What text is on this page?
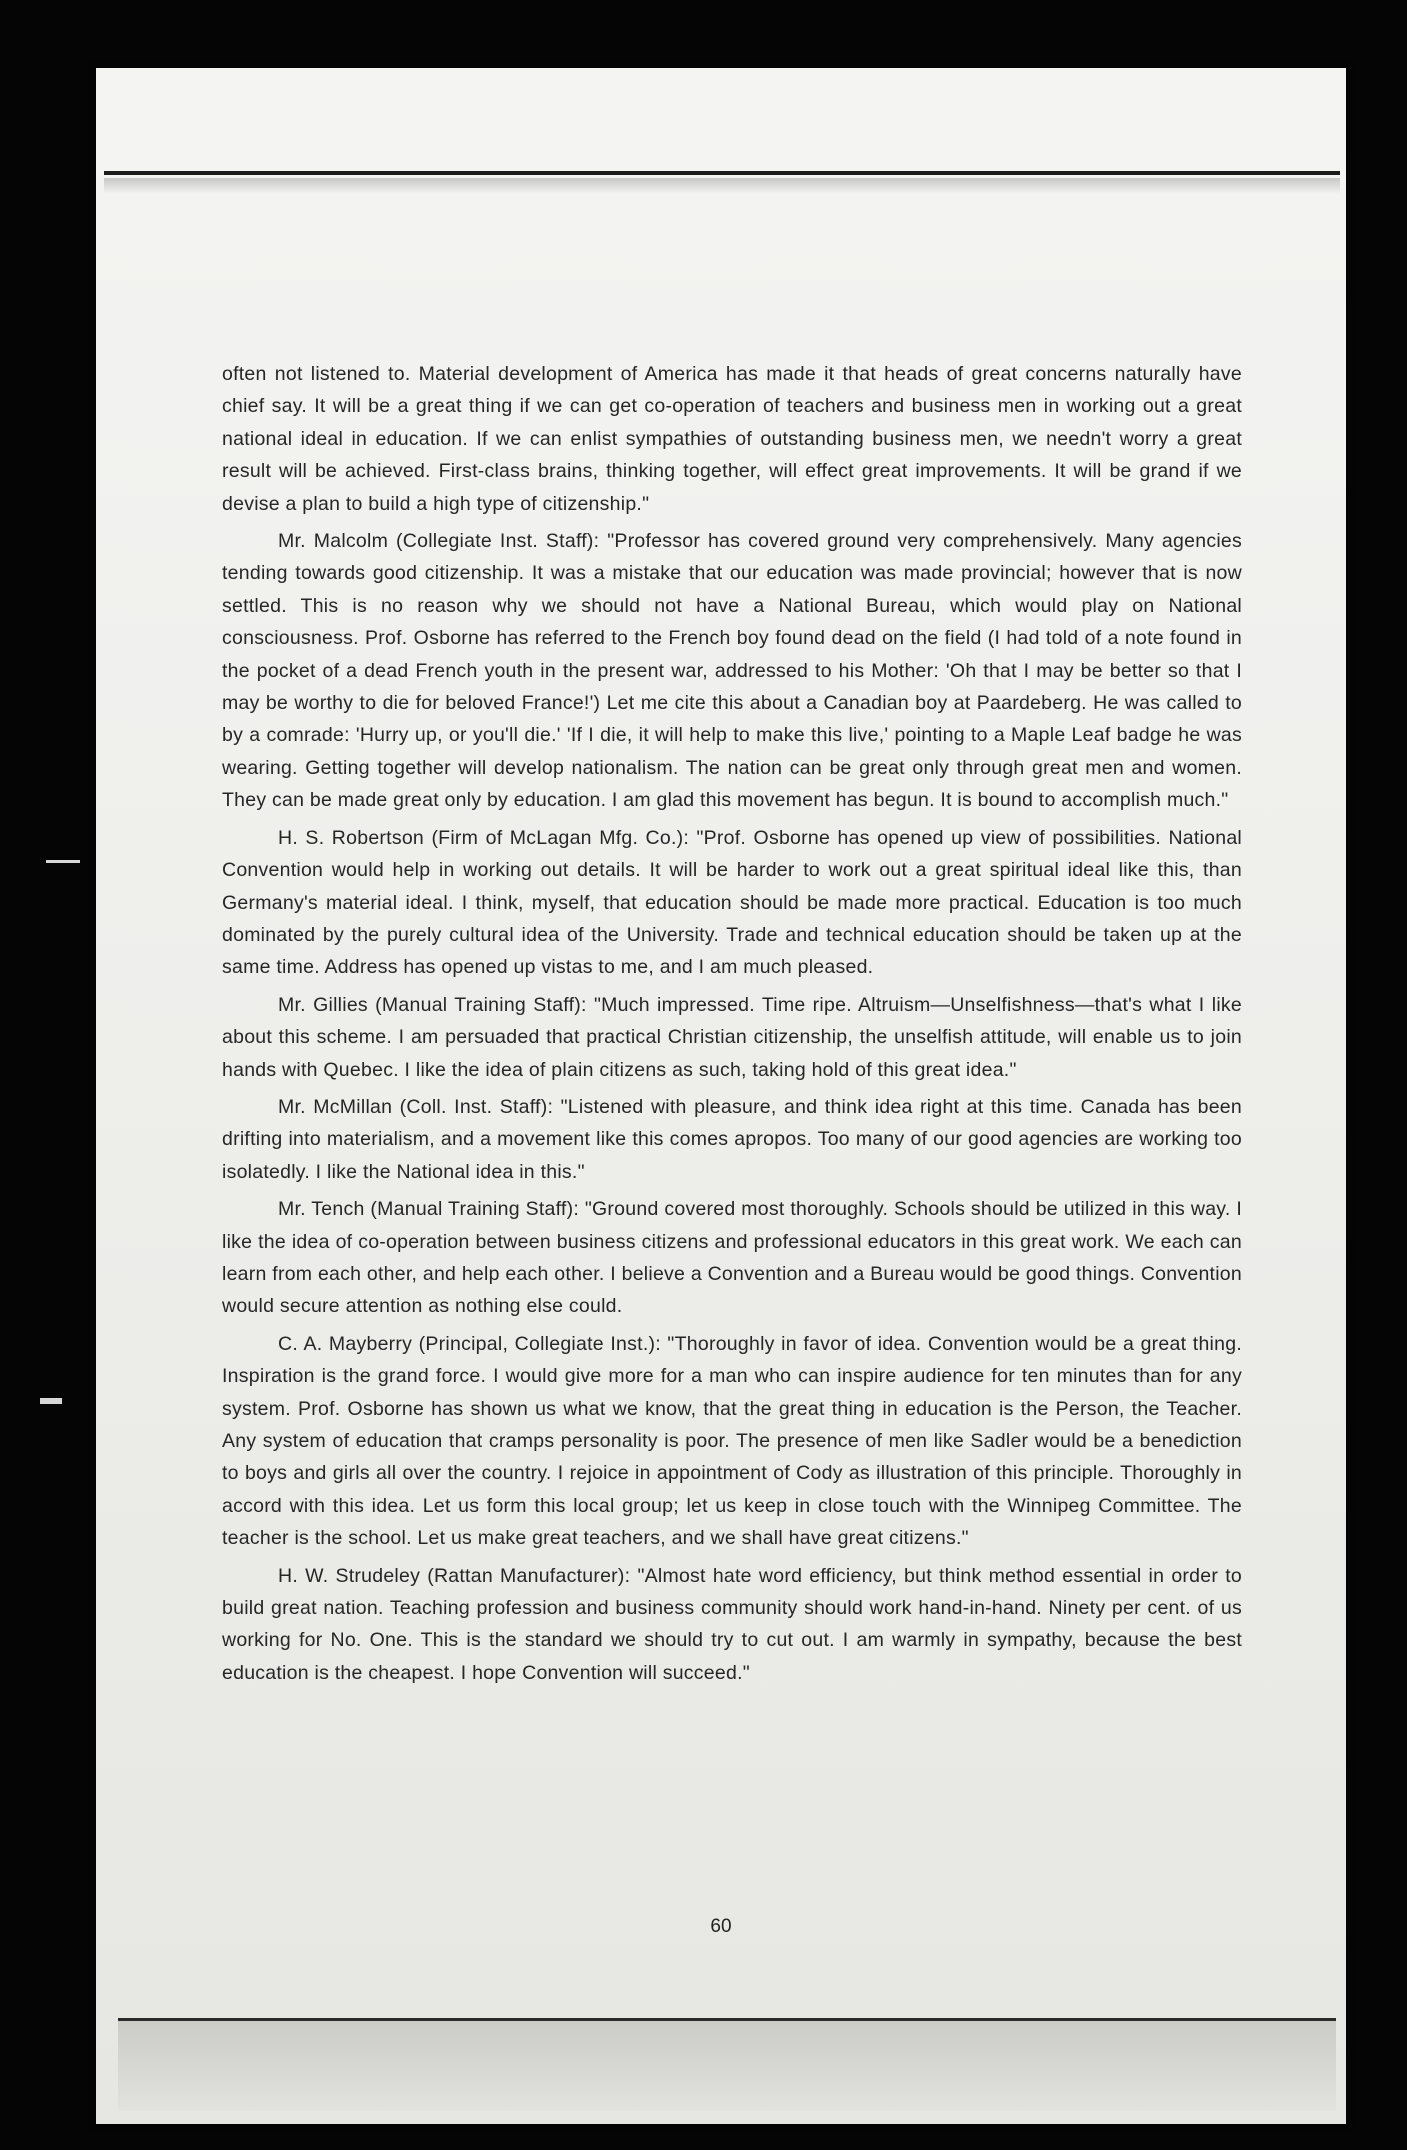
often not listened to. Material development of America has made it that heads of great concerns naturally have chief say. It will be a great thing if we can get co-operation of teachers and business men in working out a great national ideal in education. If we can enlist sympathies of outstanding business men, we needn't worry a great result will be achieved. First-class brains, thinking together, will effect great improvements. It will be grand if we devise a plan to build a high type of citizenship."

Mr. Malcolm (Collegiate Inst. Staff): "Professor has covered ground very comprehensively. Many agencies tending towards good citizenship. It was a mistake that our education was made provincial; however that is now settled. This is no reason why we should not have a National Bureau, which would play on National consciousness. Prof. Osborne has referred to the French boy found dead on the field (I had told of a note found in the pocket of a dead French youth in the present war, addressed to his Mother: 'Oh that I may be better so that I may be worthy to die for beloved France!') Let me cite this about a Canadian boy at Paardeberg. He was called to by a comrade: 'Hurry up, or you'll die.' 'If I die, it will help to make this live,' pointing to a Maple Leaf badge he was wearing. Getting together will develop nationalism. The nation can be great only through great men and women. They can be made great only by education. I am glad this movement has begun. It is bound to accomplish much."

H. S. Robertson (Firm of McLagan Mfg. Co.): "Prof. Osborne has opened up view of possibilities. National Convention would help in working out details. It will be harder to work out a great spiritual ideal like this, than Germany's material ideal. I think, myself, that education should be made more practical. Education is too much dominated by the purely cultural idea of the University. Trade and technical education should be taken up at the same time. Address has opened up vistas to me, and I am much pleased.

Mr. Gillies (Manual Training Staff): "Much impressed. Time ripe. Altruism—Unselfishness—that's what I like about this scheme. I am persuaded that practical Christian citizenship, the unselfish attitude, will enable us to join hands with Quebec. I like the idea of plain citizens as such, taking hold of this great idea."

Mr. McMillan (Coll. Inst. Staff): "Listened with pleasure, and think idea right at this time. Canada has been drifting into materialism, and a movement like this comes apropos. Too many of our good agencies are working too isolatedly. I like the National idea in this."

Mr. Tench (Manual Training Staff): "Ground covered most thoroughly. Schools should be utilized in this way. I like the idea of co-operation between business citizens and professional educators in this great work. We each can learn from each other, and help each other. I believe a Convention and a Bureau would be good things. Convention would secure attention as nothing else could.

C. A. Mayberry (Principal, Collegiate Inst.): "Thoroughly in favor of idea. Convention would be a great thing. Inspiration is the grand force. I would give more for a man who can inspire audience for ten minutes than for any system. Prof. Osborne has shown us what we know, that the great thing in education is the Person, the Teacher. Any system of education that cramps personality is poor. The presence of men like Sadler would be a benediction to boys and girls all over the country. I rejoice in appointment of Cody as illustration of this principle. Thoroughly in accord with this idea. Let us form this local group; let us keep in close touch with the Winnipeg Committee. The teacher is the school. Let us make great teachers, and we shall have great citizens."

H. W. Strudeley (Rattan Manufacturer): "Almost hate word efficiency, but think method essential in order to build great nation. Teaching profession and business community should work hand-in-hand. Ninety per cent. of us working for No. One. This is the standard we should try to cut out. I am warmly in sympathy, because the best education is the cheapest. I hope Convention will succeed."

60
